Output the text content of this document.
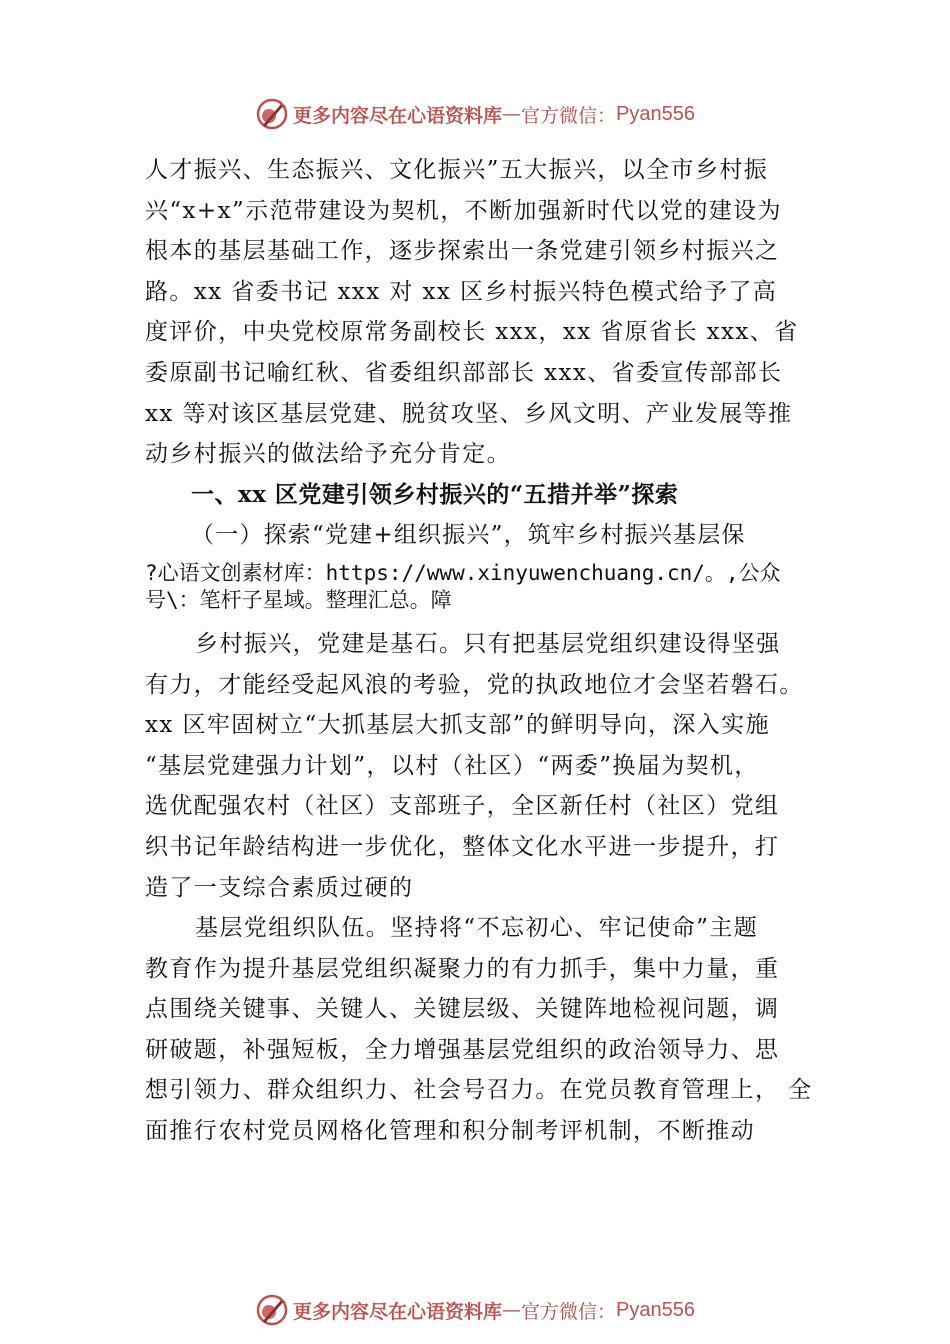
更多内容尽在心语资料库 — 官方微信： Pyan556
人才振兴、生态振兴、文化振兴”五大振兴，以全市乡村振
兴“x+x”示范带建设为契机，不断加强新时代以党的建设为
根本的基层基础工作，逐步探索出一条党建引领乡村振兴之
路。xx 省委书记 xxx 对 xx 区乡村振兴特色模式给予了高
度评价，中央党校原常务副校长 xxx，xx 省原省长 xxx、省
委原副书记喻红秋、省委组织部部长 xxx、省委宣传部部长
xx 等对该区基层党建、脱贫攻坚、乡风文明、产业发展等推
动乡村振兴的做法给予充分肯定。
一、xx 区党建引领乡村振兴的“五措并举”探索
（一）探索“党建+组织振兴”，筑牢乡村振兴基层保
?心语文创素材库：https://www.xinyuwenchuang.cn/。,公众
号\：笔杆子星域。整理汇总。障
乡村振兴，党建是基石。只有把基层党组织建设得坚强
有力，才能经受起风浪的考验，党的执政地位才会坚若磐石。
xx 区牢固树立“大抓基层大抓支部”的鲜明导向，深入实施
“基层党建强力计划”，以村（社区）“两委”换届为契机，
选优配强农村（社区）支部班子，全区新任村（社区）党组
织书记年龄结构进一步优化，整体文化水平进一步提升，打
造了一支综合素质过硬的
基层党组织队伍。坚持将“不忘初心、牢记使命”主题
教育作为提升基层党组织凝聚力的有力抓手，集中力量，重
点围绕关键事、关键人、关键层级、关键阵地检视问题，调
研破题，补强短板，全力增强基层党组织的政治领导力、思
想引领力、群众组织力、社会号召力。在党员教育管理上， 全
面推行农村党员网格化管理和积分制考评机制，不断推动
更多内容尽在心语资料库 — 官方微信： Pyan556
